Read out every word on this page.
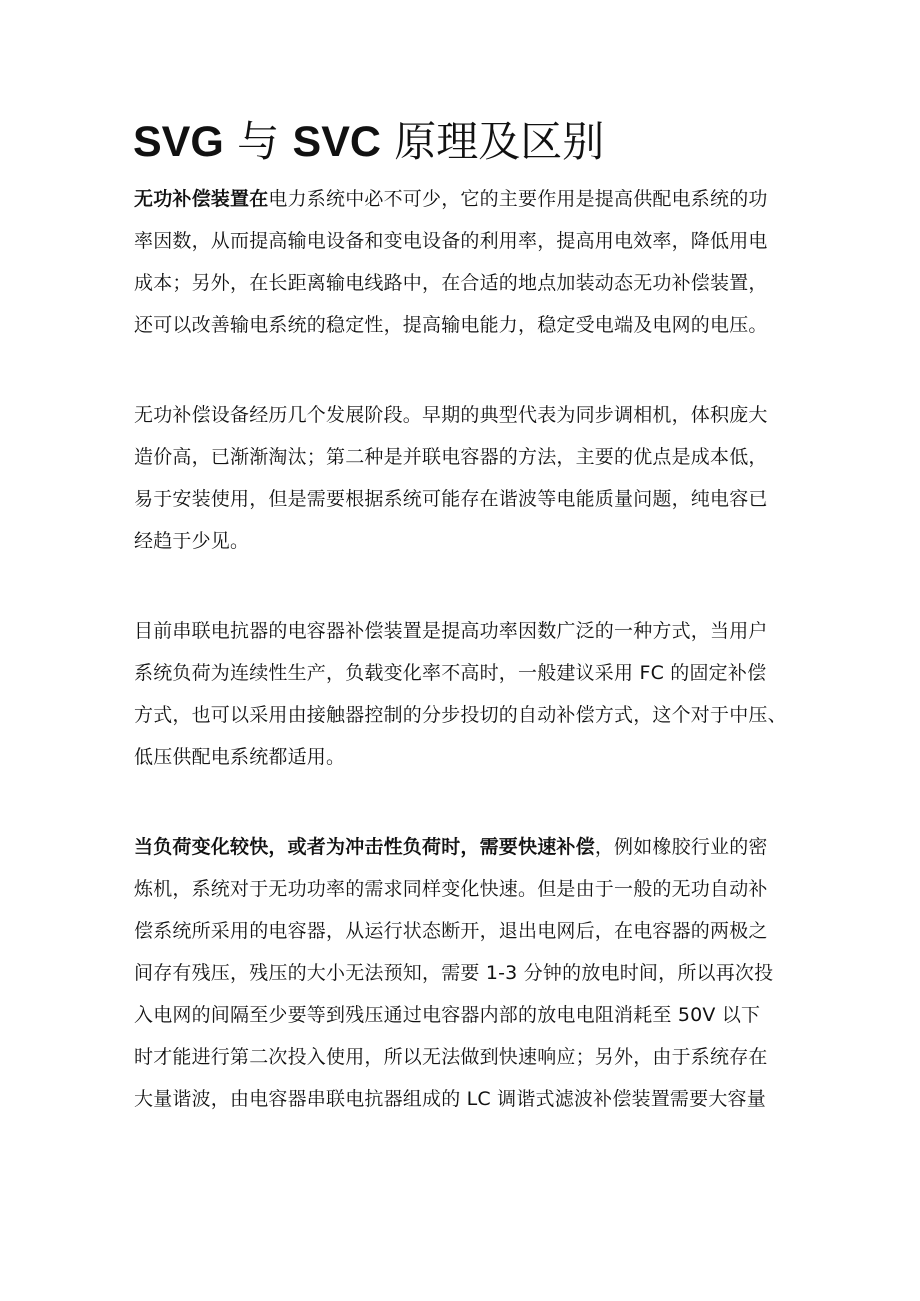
SVG 与 SVC 原理及区别
无功补偿装置在电力系统中必不可少，它的主要作用是提高供配电系统的功
率因数，从而提高输电设备和变电设备的利用率，提高用电效率，降低用电
成本；另外，在长距离输电线路中，在合适的地点加装动态无功补偿装置，
还可以改善输电系统的稳定性，提高输电能力，稳定受电端及电网的电压。
无功补偿设备经历几个发展阶段。早期的典型代表为同步调相机，体积庞大
造价高，已渐渐淘汰；第二种是并联电容器的方法，主要的优点是成本低，
易于安装使用，但是需要根据系统可能存在谐波等电能质量问题，纯电容已
经趋于少见。
目前串联电抗器的电容器补偿装置是提高功率因数广泛的一种方式，当用户
系统负荷为连续性生产，负载变化率不高时，一般建议采用 FC 的固定补偿
方式，也可以采用由接触器控制的分步投切的自动补偿方式，这个对于中压、
低压供配电系统都适用。
当负荷变化较快，或者为冲击性负荷时，需要快速补偿，例如橡胶行业的密
炼机，系统对于无功功率的需求同样变化快速。但是由于一般的无功自动补
偿系统所采用的电容器，从运行状态断开，退出电网后，在电容器的两极之
间存有残压，残压的大小无法预知，需要 1-3 分钟的放电时间，所以再次投
入电网的间隔至少要等到残压通过电容器内部的放电电阻消耗至 50V 以下
时才能进行第二次投入使用，所以无法做到快速响应；另外，由于系统存在
大量谐波，由电容器串联电抗器组成的 LC 调谐式滤波补偿装置需要大容量
